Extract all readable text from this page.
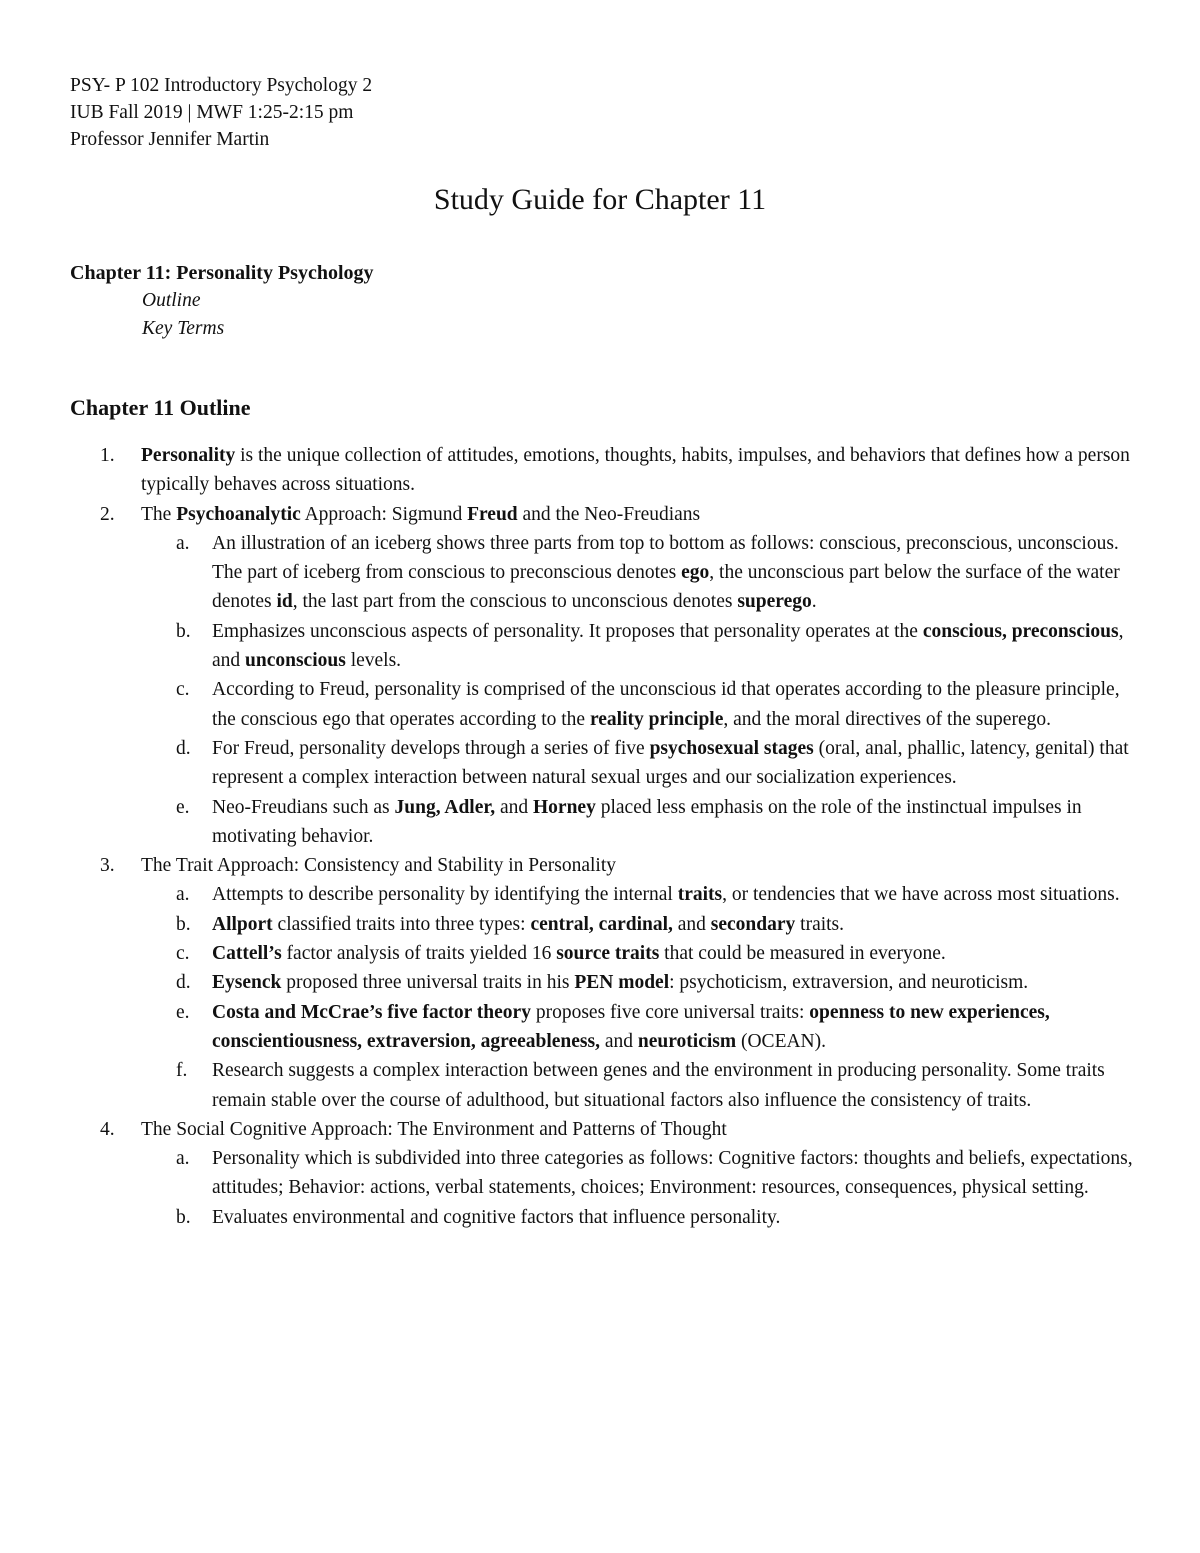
PSY- P 102 Introductory Psychology 2
IUB Fall 2019 | MWF 1:25-2:15 pm
Professor Jennifer Martin
Study Guide for Chapter 11
Chapter 11: Personality Psychology
Outline
Key Terms
Chapter 11 Outline
1. Personality is the unique collection of attitudes, emotions, thoughts, habits, impulses, and behaviors that defines how a person typically behaves across situations.
2. The Psychoanalytic Approach: Sigmund Freud and the Neo-Freudians
a. An illustration of an iceberg shows three parts from top to bottom as follows: conscious, preconscious, unconscious. The part of iceberg from conscious to preconscious denotes ego, the unconscious part below the surface of the water denotes id, the last part from the conscious to unconscious denotes superego.
b. Emphasizes unconscious aspects of personality. It proposes that personality operates at the conscious, preconscious, and unconscious levels.
c. According to Freud, personality is comprised of the unconscious id that operates according to the pleasure principle, the conscious ego that operates according to the reality principle, and the moral directives of the superego.
d. For Freud, personality develops through a series of five psychosexual stages (oral, anal, phallic, latency, genital) that represent a complex interaction between natural sexual urges and our socialization experiences.
e. Neo-Freudians such as Jung, Adler, and Horney placed less emphasis on the role of the instinctual impulses in motivating behavior.
3. The Trait Approach: Consistency and Stability in Personality
a. Attempts to describe personality by identifying the internal traits, or tendencies that we have across most situations.
b. Allport classified traits into three types: central, cardinal, and secondary traits.
c. Cattell’s factor analysis of traits yielded 16 source traits that could be measured in everyone.
d. Eysenck proposed three universal traits in his PEN model: psychoticism, extraversion, and neuroticism.
e. Costa and McCrae’s five factor theory proposes five core universal traits: openness to new experiences, conscientiousness, extraversion, agreeableness, and neuroticism (OCEAN).
f. Research suggests a complex interaction between genes and the environment in producing personality. Some traits remain stable over the course of adulthood, but situational factors also influence the consistency of traits.
4. The Social Cognitive Approach: The Environment and Patterns of Thought
a. Personality which is subdivided into three categories as follows: Cognitive factors: thoughts and beliefs, expectations, attitudes; Behavior: actions, verbal statements, choices; Environment: resources, consequences, physical setting.
b. Evaluates environmental and cognitive factors that influence personality.
